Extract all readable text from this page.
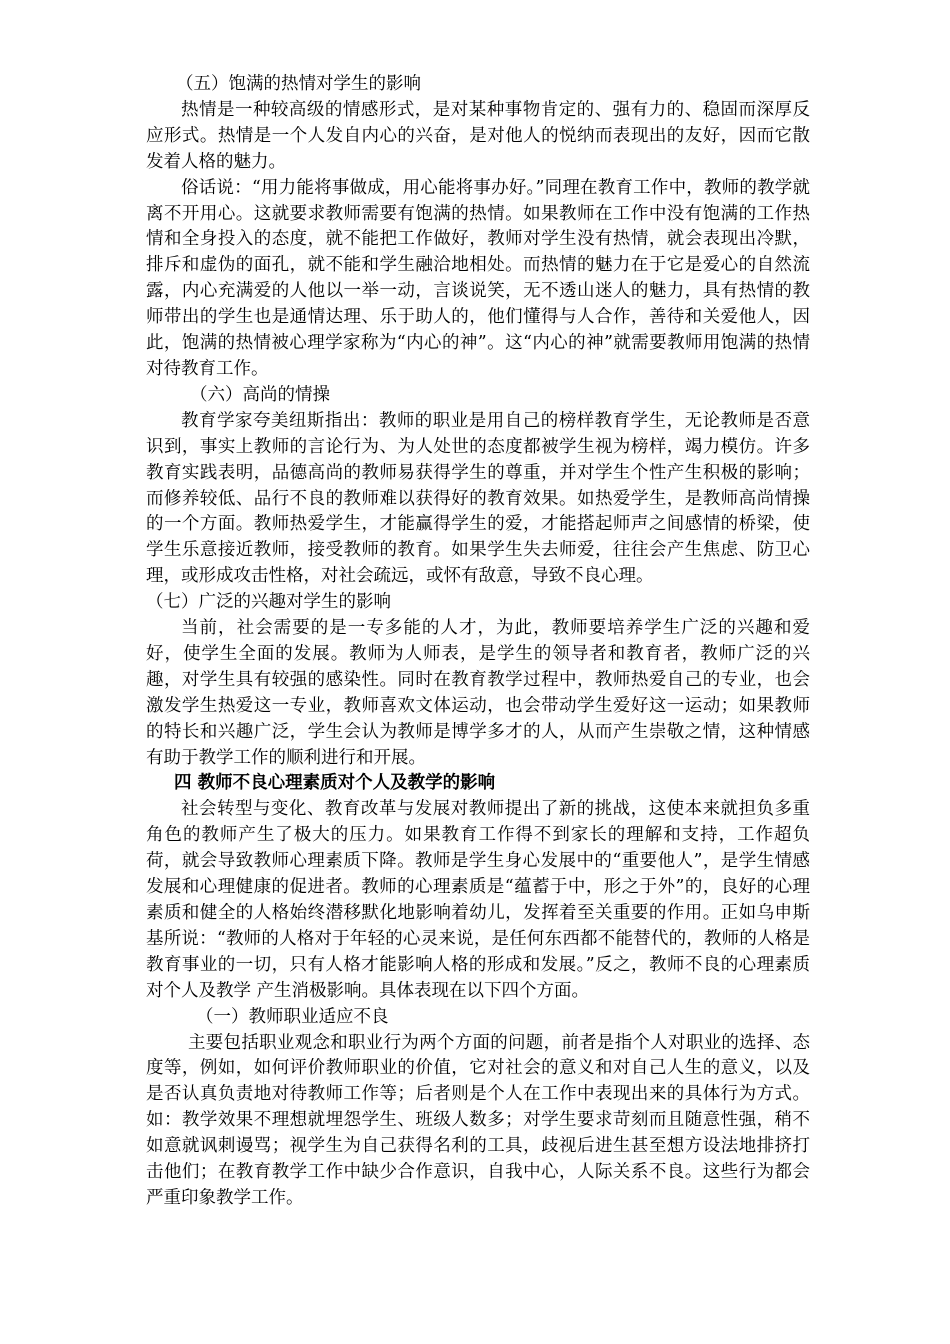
（五）饱满的热情对学生的影响

热情是一种较高级的情感形式，是对某种事物肯定的、强有力的、稳固而深厚反应形式。热情是一个人发自内心的兴奋，是对他人的悦纳而表现出的友好，因而它散发着人格的魅力。

俗话说：“用力能将事做成，用心能将事办好。”同理在教育工作中，教师的教学就离不开用心。这就要求教师需要有饱满的热情。如果教师在工作中没有饱满的工作热情和全身投入的态度，就不能把工作做好，教师对学生没有热情，就会表现出冷默，排斥和虚伪的面孔，就不能和学生融洽地相处。而热情的魅力在于它是爱心的自然流露，内心充满爱的人他以一举一动，言谈说笑，无不透山迷人的魅力，具有热情的教师带出的学生也是通情达理、乐于助人的，他们懂得与人合作，善待和关爱他人，因此，饱满的热情被心理学家称为“内心的神”。这“内心的神”就需要教师用饱满的热情对待教育工作。

（六）高尚的情操

教育学家夸美纽斯指出：教师的职业是用自己的榜样教育学生，无论教师是否意识到，事实上教师的言论行为、为人处世的态度都被学生视为榜样，竭力模仿。许多教育实践表明，品德高尚的教师易获得学生的尊重，并对学生个性产生积极的影响；而修养较低、品行不良的教师难以获得好的教育效果。如热爱学生，是教师高尚情操的一个方面。教师热爱学生，才能赢得学生的爱，才能搭起师声之间感情的桥梁，使学生乐意接近教师，接受教师的教育。如果学生失去师爱，往往会产生焦虑、防卫心理，或形成攻击性格，对社会疏远，或怀有敌意，导致不良心理。

（七）广泛的兴趣对学生的影响

当前，社会需要的是一专多能的人才，为此，教师要培养学生广泛的兴趣和爱好，使学生全面的发展。教师为人师表，是学生的领导者和教育者，教师广泛的兴趣，对学生具有较强的感染性。同时在教育教学过程中，教师热爱自己的专业，也会激发学生热爱这一专业，教师喜欢文体运动，也会带动学生爱好这一运动；如果教师的特长和兴趣广泛，学生会认为教师是博学多才的人，从而产生崇敬之情，这种情感有助于教学工作的顺利进行和开展。

四 教师不良心理素质对个人及教学的影响

社会转型与变化、教育改革与发展对教师提出了新的挑战，这使本来就担负多重角色的教师产生了极大的压力。如果教育工作得不到家长的理解和支持，工作超负荷，就会导致教师心理素质下降。教师是学生身心发展中的“重要他人”，是学生情感发展和心理健康的促进者。教师的心理素质是“蕴蓄于中，形之于外”的，良好的心理素质和健全的人格始终潜移默化地影响着幼儿，发挥着至关重要的作用。正如乌申斯基所说：“教师的人格对于年轻的心灵来说，是任何东西都不能替代的，教师的人格是教育事业的一切，只有人格才能影响人格的形成和发展。”反之，教师不良的心理素质对个人及教学 产生消极影响。具体表现在以下四个方面。

（一）教师职业适应不良

主要包括职业观念和职业行为两个方面的问题，前者是指个人对职业的选择、态度等，例如，如何评价教师职业的价值，它对社会的意义和对自己人生的意义，以及是否认真负责地对待教师工作等；后者则是个人在工作中表现出来的具体行为方式。如：教学效果不理想就埋怨学生、班级人数多；对学生要求苛刻而且随意性强，稍不如意就讽刺谩骂；视学生为自己获得名利的工具，歧视后进生甚至想方设法地排挤打击他们；在教育教学工作中缺少合作意识，自我中心，人际关系不良。这些行为都会严重印象教学工作。
